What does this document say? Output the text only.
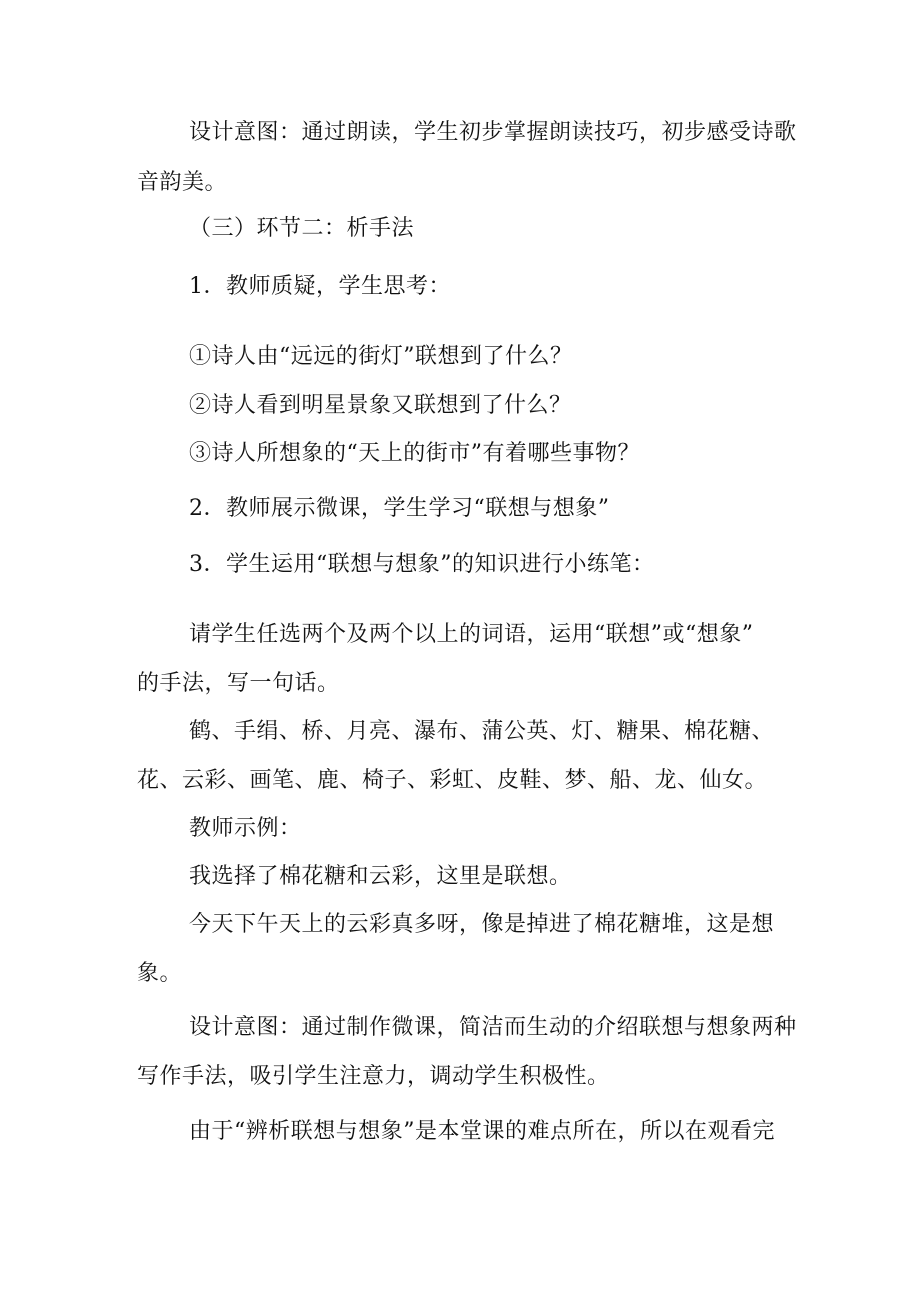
设计意图：通过朗读，学生初步掌握朗读技巧，初步感受诗歌
音韵美。
（三）环节二：析手法
1．教师质疑，学生思考：
①诗人由“远远的街灯”联想到了什么？
②诗人看到明星景象又联想到了什么？
③诗人所想象的“天上的街市”有着哪些事物？
2．教师展示微课，学生学习“联想与想象”
3．学生运用“联想与想象”的知识进行小练笔：
请学生任选两个及两个以上的词语，运用“联想”或“想象”
的手法，写一句话。
鹤、手绢、桥、月亮、瀑布、蒲公英、灯、糖果、棉花糖、
花、云彩、画笔、鹿、椅子、彩虹、皮鞋、梦、船、龙、仙女。
教师示例：
我选择了棉花糖和云彩，这里是联想。
今天下午天上的云彩真多呀，像是掉进了棉花糖堆，这是想
象。
设计意图：通过制作微课，简洁而生动的介绍联想与想象两种
写作手法，吸引学生注意力，调动学生积极性。
由于“辨析联想与想象”是本堂课的难点所在，所以在观看完
